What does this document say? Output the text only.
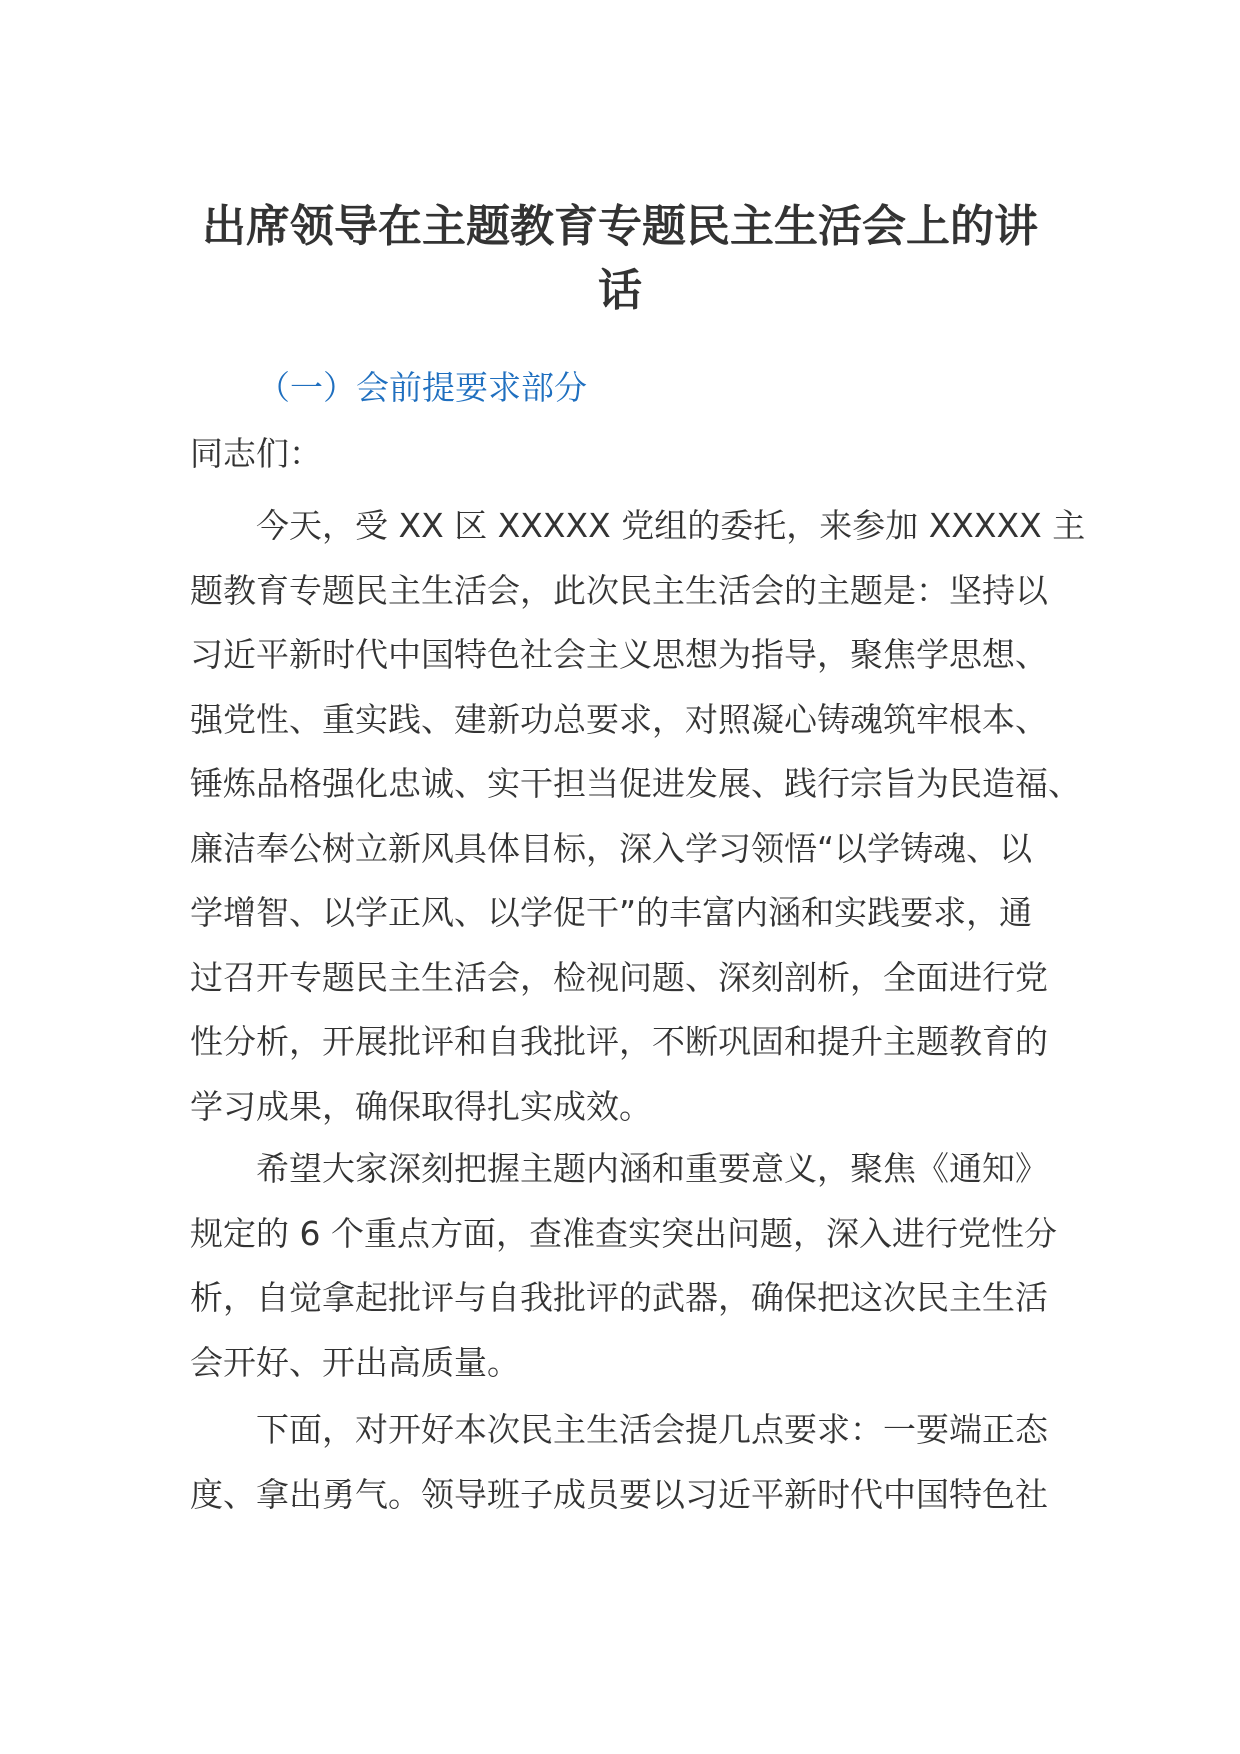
出席领导在主题教育专题民主生活会上的讲
话

（一）会前提要求部分

同志们：

今天，受 XX 区 XXXXX 党组的委托，来参加 XXXXX 主
题教育专题民主生活会，此次民主生活会的主题是：坚持以
习近平新时代中国特色社会主义思想为指导，聚焦学思想、
强党性、重实践、建新功总要求，对照凝心铸魂筑牢根本、
锤炼品格强化忠诚、实干担当促进发展、践行宗旨为民造福、
廉洁奉公树立新风具体目标，深入学习领悟“以学铸魂、以
学增智、以学正风、以学促干”的丰富内涵和实践要求，通
过召开专题民主生活会，检视问题、深刻剖析，全面进行党
性分析，开展批评和自我批评，不断巩固和提升主题教育的
学习成果，确保取得扎实成效。

希望大家深刻把握主题内涵和重要意义，聚焦《通知》
规定的 6 个重点方面，查准查实突出问题，深入进行党性分
析，自觉拿起批评与自我批评的武器，确保把这次民主生活
会开好、开出高质量。

下面，对开好本次民主生活会提几点要求：一要端正态
度、拿出勇气。领导班子成员要以习近平新时代中国特色社
